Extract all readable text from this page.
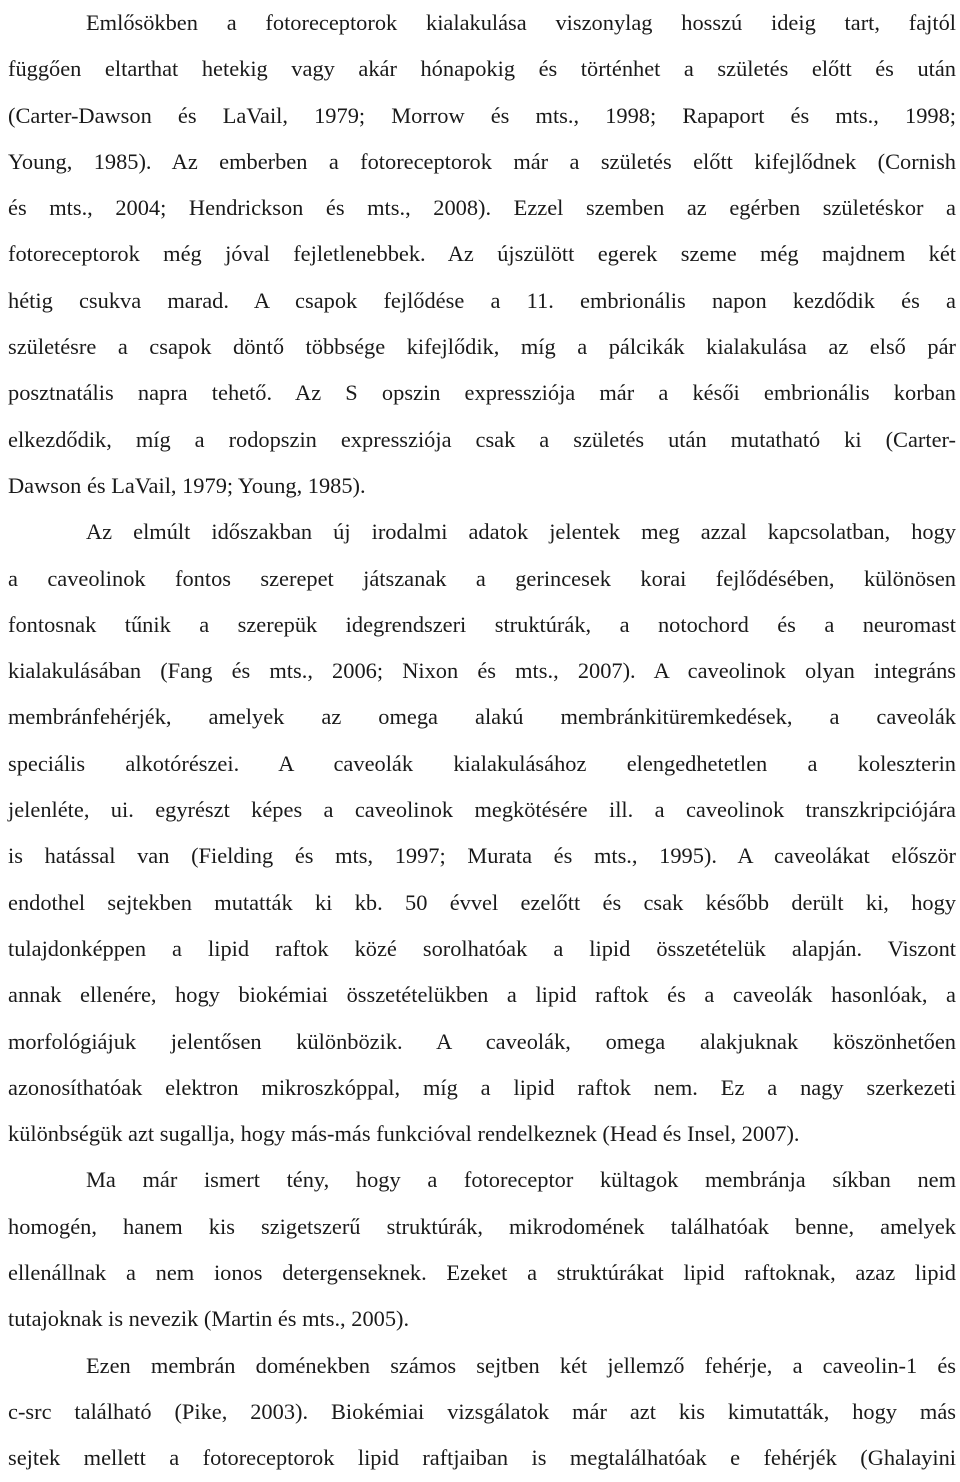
Emlősökben a fotoreceptorok kialakulása viszonylag hosszú ideig tart, fajtól
függően eltarthat hetekig vagy akár hónapokig és történhet a születés előtt és után
(Carter-Dawson és LaVail, 1979; Morrow és mts., 1998; Rapaport és mts., 1998;
Young, 1985). Az emberben a fotoreceptorok már a születés előtt kifejlődnek (Cornish
és mts., 2004; Hendrickson és mts., 2008). Ezzel szemben az egérben születéskor a
fotoreceptorok még jóval fejletlenebbek. Az újszülött egerek szeme még majdnem két
hétig csukva marad. A csapok fejlődése a 11. embrionális napon kezdődik és a
születésre a csapok döntő többsége kifejlődik, míg a pálcikák kialakulása az első pár
posztnatális napra tehető. Az S opszin expressziója már a késői embrionális korban
elkezdődik, míg a rodopszin expressziója csak a születés után mutatható ki (Carter-
Dawson és LaVail, 1979; Young, 1985).
Az elmúlt időszakban új irodalmi adatok jelentek meg azzal kapcsolatban, hogy
a caveolinok fontos szerepet játszanak a gerincesek korai fejlődésében, különösen
fontosnak tűnik a szerepük idegrendszeri struktúrák, a notochord és a neuromast
kialakulásában (Fang és mts., 2006; Nixon és mts., 2007). A caveolinok olyan integráns
membránfehérjék, amelyek az omega alakú membránkitüremkedések, a caveolák
speciális alkotórészei. A caveolák kialakulásához elengedhetetlen a koleszterin
jelenléte, ui. egyrészt képes a caveolinok megkötésére ill. a caveolinok transzkripciójára
is hatással van (Fielding és mts, 1997; Murata és mts., 1995). A caveolákat először
endothel sejtekben mutatták ki kb. 50 évvel ezelőtt és csak később derült ki, hogy
tulajdonképpen a lipid raftok közé sorolhatóak a lipid összetételük alapján. Viszont
annak ellenére, hogy biokémiai összetételükben a lipid raftok és a caveolák hasonlóak, a
morfológiájuk jelentősen különbözik. A caveolák, omega alakjuknak köszönhetően
azonosíthatóak elektron mikroszkóppal, míg a lipid raftok nem. Ez a nagy szerkezeti
különbségük azt sugallja, hogy más-más funkcióval rendelkeznek (Head és Insel, 2007).
Ma már ismert tény, hogy a fotoreceptor kültagok membránja síkban nem
homogén, hanem kis szigetszerű struktúrák, mikrodomének találhatóak benne, amelyek
ellenállnak a nem ionos detergenseknek. Ezeket a struktúrákat lipid raftoknak, azaz lipid
tutajoknak is nevezik (Martin és mts., 2005).
Ezen membrán doménekben számos sejtben két jellemző fehérje, a caveolin-1 és
c-src található (Pike, 2003). Biokémiai vizsgálatok már azt kis kimutatták, hogy más
sejtek mellett a fotoreceptorok lipid raftjaiban is megtalálhatóak e fehérjék (Ghalayini
